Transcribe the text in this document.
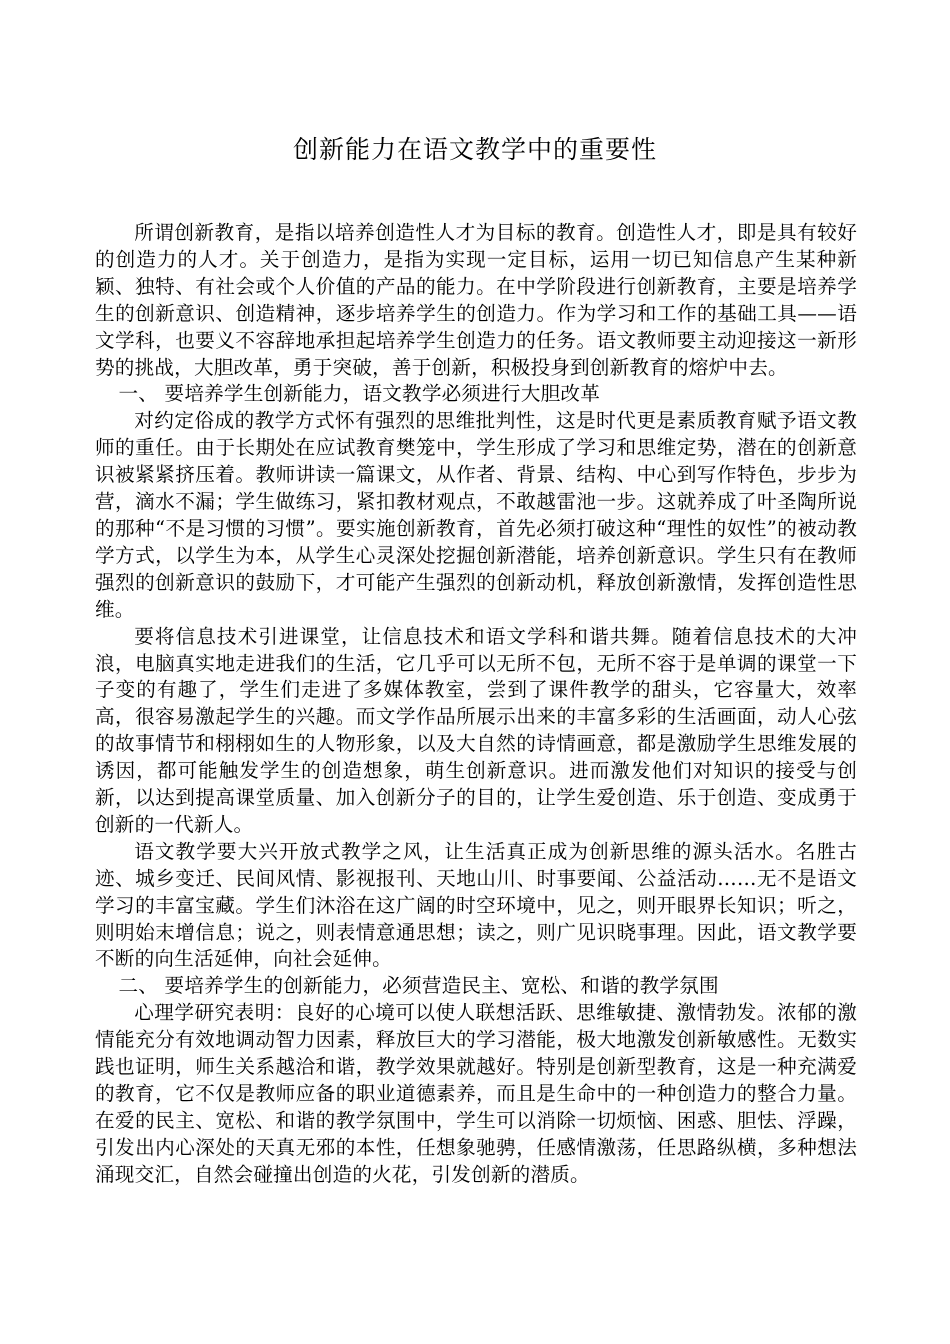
创新能力在语文教学中的重要性

所谓创新教育，是指以培养创造性人才为目标的教育。创造性人才，即是具有较好的创造力的人才。关于创造力，是指为实现一定目标，运用一切已知信息产生某种新颖、独特、有社会或个人价值的产品的能力。在中学阶段进行创新教育，主要是培养学生的创新意识、创造精神，逐步培养学生的创造力。作为学习和工作的基础工具——语文学科，也要义不容辞地承担起培养学生创造力的任务。语文教师要主动迎接这一新形势的挑战，大胆改革，勇于突破，善于创新，积极投身到创新教育的熔炉中去。

一、 要培养学生创新能力，语文教学必须进行大胆改革

对约定俗成的教学方式怀有强烈的思维批判性，这是时代更是素质教育赋予语文教师的重任。由于长期处在应试教育樊笼中，学生形成了学习和思维定势，潜在的创新意识被紧紧挤压着。教师讲读一篇课文，从作者、背景、结构、中心到写作特色，步步为营，滴水不漏；学生做练习，紧扣教材观点，不敢越雷池一步。这就养成了叶圣陶所说的那种“不是习惯的习惯”。要实施创新教育，首先必须打破这种“理性的奴性”的被动教学方式，以学生为本，从学生心灵深处挖掘创新潜能，培养创新意识。学生只有在教师强烈的创新意识的鼓励下，才可能产生强烈的创新动机，释放创新激情，发挥创造性思维。

要将信息技术引进课堂，让信息技术和语文学科和谐共舞。随着信息技术的大冲浪，电脑真实地走进我们的生活，它几乎可以无所不包，无所不容于是单调的课堂一下子变的有趣了，学生们走进了多媒体教室，尝到了课件教学的甜头，它容量大，效率高，很容易激起学生的兴趣。而文学作品所展示出来的丰富多彩的生活画面，动人心弦的故事情节和栩栩如生的人物形象，以及大自然的诗情画意，都是激励学生思维发展的诱因，都可能触发学生的创造想象，萌生创新意识。进而激发他们对知识的接受与创新，以达到提高课堂质量、加入创新分子的目的，让学生爱创造、乐于创造、变成勇于创新的一代新人。

语文教学要大兴开放式教学之风，让生活真正成为创新思维的源头活水。名胜古迹、城乡变迁、民间风情、影视报刊、天地山川、时事要闻、公益活动……无不是语文学习的丰富宝藏。学生们沐浴在这广阔的时空环境中，见之，则开眼界长知识；听之，则明始末增信息；说之，则表情意通思想；读之，则广见识晓事理。因此，语文教学要不断的向生活延伸，向社会延伸。

二、 要培养学生的创新能力，必须营造民主、宽松、和谐的教学氛围

心理学研究表明：良好的心境可以使人联想活跃、思维敏捷、激情勃发。浓郁的激情能充分有效地调动智力因素，释放巨大的学习潜能，极大地激发创新敏感性。无数实践也证明，师生关系越洽和谐，教学效果就越好。特别是创新型教育，这是一种充满爱的教育，它不仅是教师应备的职业道德素养，而且是生命中的一种创造力的整合力量。在爱的民主、宽松、和谐的教学氛围中，学生可以消除一切烦恼、困惑、胆怯、浮躁，引发出内心深处的天真无邪的本性，任想象驰骋，任感情激荡，任思路纵横，多种想法涌现交汇，自然会碰撞出创造的火花，引发创新的潜质。
